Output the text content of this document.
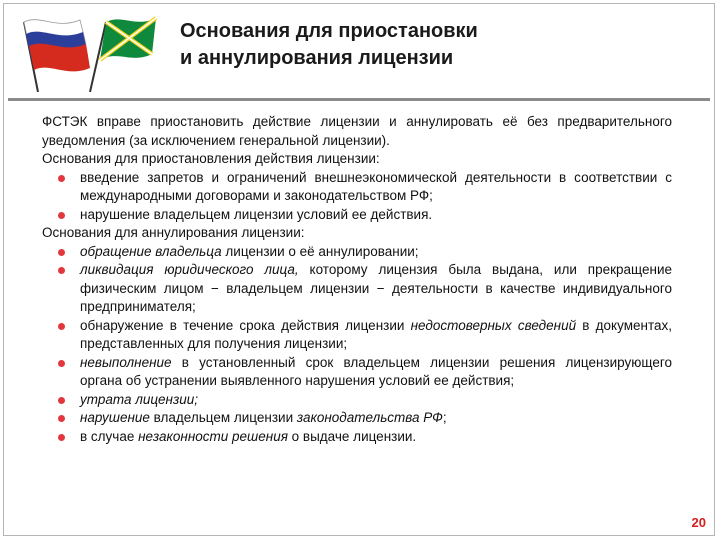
Основания для приостановки
и аннулирования лицензии

ФСТЭК вправе приостановить действие лицензии и аннулировать её без предварительного уведомления (за исключением генеральной лицензии).

Основания для приостановления действия лицензии:

введение запретов и ограничений внешнеэкономической деятельности в соответствии с международными договорами и законодательством РФ;
нарушение владельцем лицензии условий ее действия.

Основания для аннулирования лицензии:

обращение владельца лицензии о её аннулировании;
ликвидация юридического лица, которому лицензия была выдана, или прекращение физическим лицом − владельцем лицензии − деятельности в качестве индивидуального предпринимателя;
обнаружение в течение срока действия лицензии недостоверных сведений в документах, представленных для получения лицензии;
невыполнение в установленный срок владельцем лицензии решения лицензирующего органа об устранении выявленного нарушения условий ее действия;
утрата лицензии;
нарушение владельцем лицензии законодательства РФ;
в случае незаконности решения о выдаче лицензии.
20
